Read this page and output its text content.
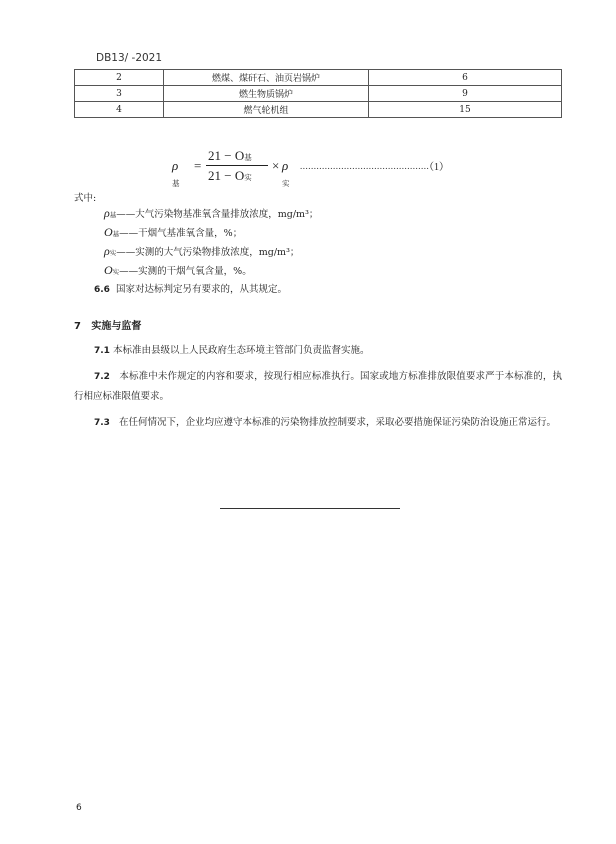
DB13/ -2021
2	燃煤、煤矸石、油页岩锅炉	6
3	燃生物质锅炉	9
4	燃气轮机组	15
ρ基
=
21 − O基
21 − O实
× ρ实
...............................................
（1）
式中:
ρ基——大气污染物基准氧含量排放浓度，mg/m³；
O基——干烟气基准氧含量，%；
ρ实——实测的大气污染物排放浓度，mg/m³；
O实——实测的干烟气氧含量，%。
6.6 国家对达标判定另有要求的，从其规定。
7 实施与监督
7.1 本标准由县级以上人民政府生态环境主管部门负责监督实施。
7.2 本标准中未作规定的内容和要求，按现行相应标准执行。国家或地方标准排放限值要求严于本标准的，执行相应标准限值要求。
7.3 在任何情况下，企业均应遵守本标准的污染物排放控制要求，采取必要措施保证污染防治设施正常运行。
6
